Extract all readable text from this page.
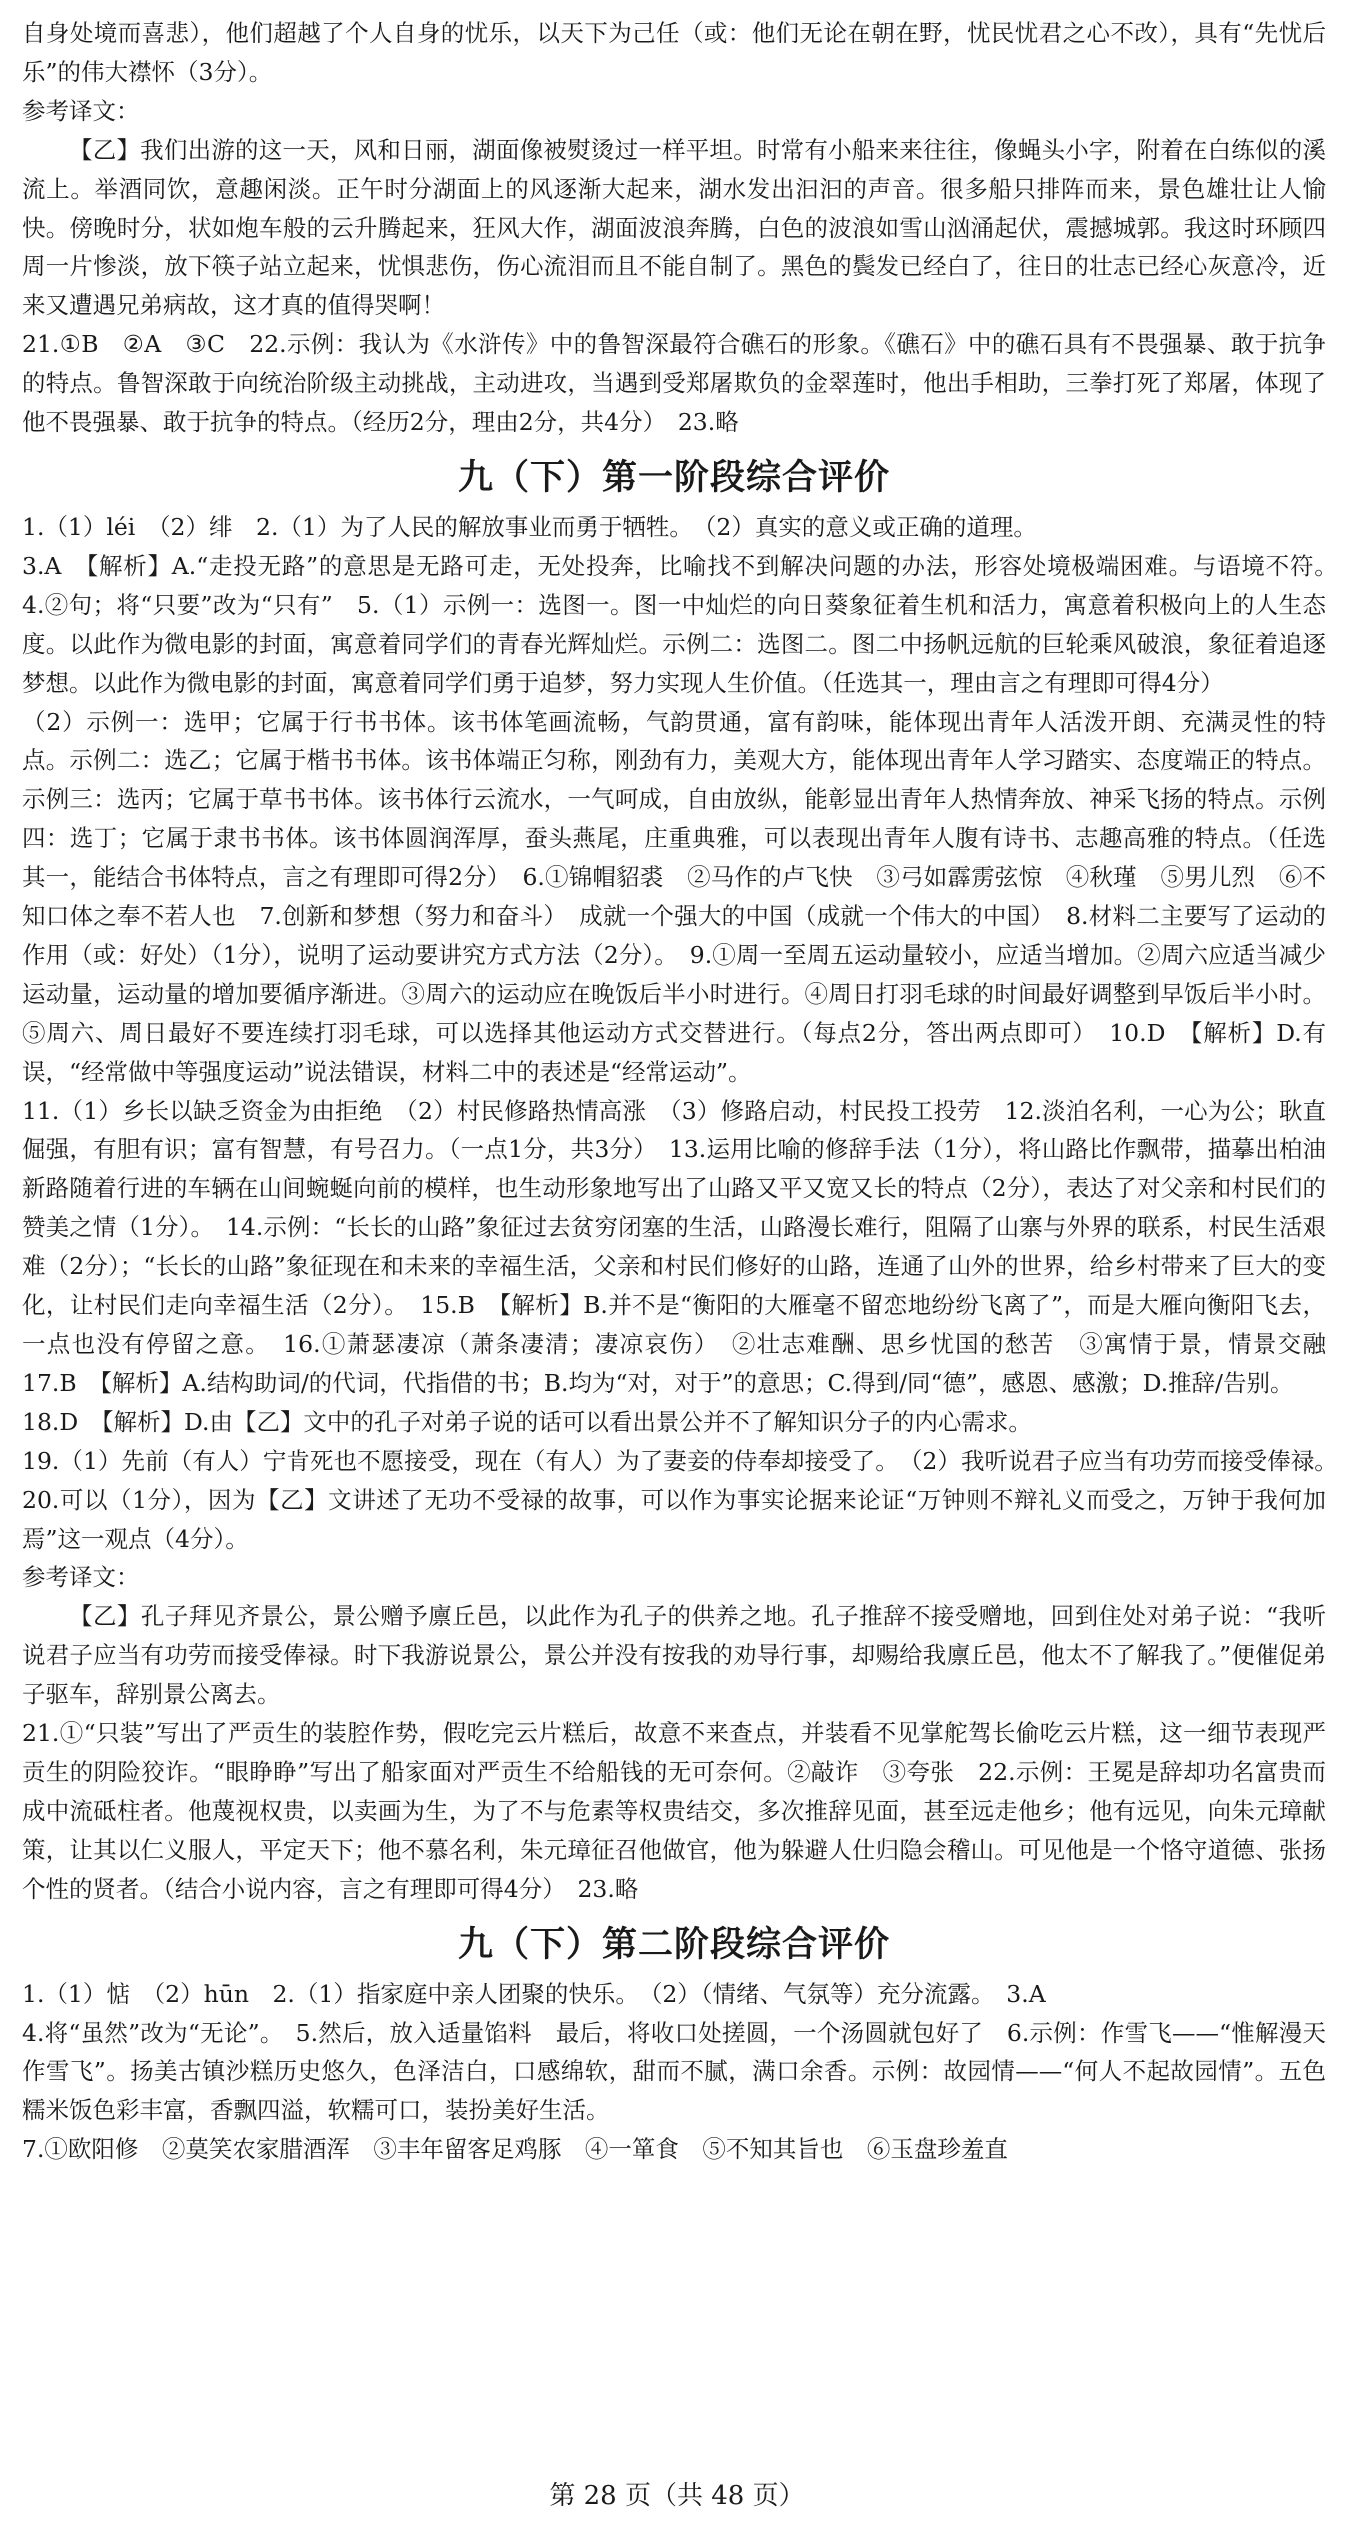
自身处境而喜悲），他们超越了个人自身的忧乐，以天下为己任（或：他们无论在朝在野，忧民忧君之心不改），具有“先忧后乐”的伟大襟怀（3分）。
参考译文：
【乙】我们出游的这一天，风和日丽，湖面像被熨烫过一样平坦。时常有小船来来往往，像蝇头小字，附着在白练似的溪流上。举酒同饮，意趣闲淡。正午时分湖面上的风逐渐大起来，湖水发出汩汩的声音。很多船只排阵而来，景色雄壮让人愉快。傍晚时分，状如炮车般的云升腾起来，狂风大作，湖面波浪奔腾，白色的波浪如雪山汹涌起伏，震撼城郭。我这时环顾四周一片惨淡，放下筷子站立起来，忧惧悲伤，伤心流泪而且不能自制了。黑色的鬓发已经白了，往日的壮志已经心灰意冷，近来又遭遇兄弟病故，这才真的值得哭啊！
21.①B　②A　③C　22.示例：我认为《水浒传》中的鲁智深最符合礁石的形象。《礁石》中的礁石具有不畏强暴、敢于抗争的特点。鲁智深敢于向统治阶级主动挑战，主动进攻，当遇到受郑屠欺负的金翠莲时，他出手相助，三拳打死了郑屠，体现了他不畏强暴、敢于抗争的特点。（经历2分，理由2分，共4分）　23.略
九（下）第一阶段综合评价
1.（1）léi　（2）绯　2.（1）为了人民的解放事业而勇于牺牲。　（2）真实的意义或正确的道理。
3.A　【解析】A.“走投无路”的意思是无路可走，无处投奔，比喻找不到解决问题的办法，形容处境极端困难。与语境不符。　4.②句；将“只要”改为“只有”　5.（1）示例一：选图一。图一中灿烂的向日葵象征着生机和活力，寓意着积极向上的人生态度。以此作为微电影的封面，寓意着同学们的青春光辉灿烂。示例二：选图二。图二中扬帆远航的巨轮乘风破浪，象征着追逐梦想。以此作为微电影的封面，寓意着同学们勇于追梦，努力实现人生价值。（任选其一，理由言之有理即可得4分）
（2）示例一：选甲；它属于行书书体。该书体笔画流畅，气韵贯通，富有韵味，能体现出青年人活泼开朗、充满灵性的特点。示例二：选乙；它属于楷书书体。该书体端正匀称，刚劲有力，美观大方，能体现出青年人学习踏实、态度端正的特点。示例三：选丙；它属于草书书体。该书体行云流水，一气呵成，自由放纵，能彰显出青年人热情奔放、神采飞扬的特点。示例四：选丁；它属于隶书书体。该书体圆润浑厚，蚕头燕尾，庄重典雅，可以表现出青年人腹有诗书、志趣高雅的特点。（任选其一，能结合书体特点，言之有理即可得2分）　6.①锦帽貂裘　②马作的卢飞快　③弓如霹雳弦惊　④秋瑾　⑤男儿烈　⑥不知口体之奉不若人也　7.创新和梦想（努力和奋斗）　成就一个强大的中国（成就一个伟大的中国）　8.材料二主要写了运动的作用（或：好处）（1分），说明了运动要讲究方式方法（2分）。　9.①周一至周五运动量较小，应适当增加。②周六应适当减少运动量，运动量的增加要循序渐进。③周六的运动应在晚饭后半小时进行。④周日打羽毛球的时间最好调整到早饭后半小时。⑤周六、周日最好不要连续打羽毛球，可以选择其他运动方式交替进行。（每点2分，答出两点即可）　10.D　【解析】D.有误，“经常做中等强度运动”说法错误，材料二中的表述是“经常运动”。
11.（1）乡长以缺乏资金为由拒绝　（2）村民修路热情高涨　（3）修路启动，村民投工投劳　12.淡泊名利，一心为公；耿直倔强，有胆有识；富有智慧，有号召力。（一点1分，共3分）　13.运用比喻的修辞手法（1分），将山路比作飘带，描摹出柏油新路随着行进的车辆在山间蜿蜒向前的模样，也生动形象地写出了山路又平又宽又长的特点（2分），表达了对父亲和村民们的赞美之情（1分）。　14.示例：“长长的山路”象征过去贫穷闭塞的生活，山路漫长难行，阻隔了山寨与外界的联系，村民生活艰难（2分）；“长长的山路”象征现在和未来的幸福生活，父亲和村民们修好的山路，连通了山外的世界，给乡村带来了巨大的变化，让村民们走向幸福生活（2分）。　15.B　【解析】B.并不是“衡阳的大雁毫不留恋地纷纷飞离了”，而是大雁向衡阳飞去，一点也没有停留之意。　16.①萧瑟凄凉（萧条凄清；凄凉哀伤）　②壮志难酬、思乡忧国的愁苦　③寓情于景，情景交融　17.B　【解析】A.结构助词/的代词，代指借的书；B.均为“对，对于”的意思；C.得到/同“德”，感恩、感激；D.推辞/告别。
18.D　【解析】D.由【乙】文中的孔子对弟子说的话可以看出景公并不了解知识分子的内心需求。
19.（1）先前（有人）宁肯死也不愿接受，现在（有人）为了妻妾的侍奉却接受了。　（2）我听说君子应当有功劳而接受俸禄。　20.可以（1分），因为【乙】文讲述了无功不受禄的故事，可以作为事实论据来论证“万钟则不辩礼义而受之，万钟于我何加焉”这一观点（4分）。
参考译文：
【乙】孔子拜见齐景公，景公赠予廪丘邑，以此作为孔子的供养之地。孔子推辞不接受赠地，回到住处对弟子说：“我听说君子应当有功劳而接受俸禄。时下我游说景公，景公并没有按我的劝导行事，却赐给我廪丘邑，他太不了解我了。”便催促弟子驱车，辞别景公离去。
21.①“只装”写出了严贡生的装腔作势，假吃完云片糕后，故意不来查点，并装看不见掌舵驾长偷吃云片糕，这一细节表现严贡生的阴险狡诈。“眼睁睁”写出了船家面对严贡生不给船钱的无可奈何。②敲诈　③夸张　22.示例：王冕是辞却功名富贵而成中流砥柱者。他蔑视权贵，以卖画为生，为了不与危素等权贵结交，多次推辞见面，甚至远走他乡；他有远见，向朱元璋献策，让其以仁义服人，平定天下；他不慕名利，朱元璋征召他做官，他为躲避人仕归隐会稽山。可见他是一个恪守道德、张扬个性的贤者。（结合小说内容，言之有理即可得4分）　23.略
九（下）第二阶段综合评价
1.（1）惦　（2）hūn　2.（1）指家庭中亲人团聚的快乐。　（2）（情绪、气氛等）充分流露。　3.A
4.将“虽然”改为“无论”。　5.然后，放入适量馅料　最后，将收口处搓圆，一个汤圆就包好了　6.示例：作雪飞——“惟解漫天作雪飞”。扬美古镇沙糕历史悠久，色泽洁白，口感绵软，甜而不腻，满口余香。示例：故园情——“何人不起故园情”。五色糯米饭色彩丰富，香飘四溢，软糯可口，装扮美好生活。
7.①欧阳修　②莫笑农家腊酒浑　③丰年留客足鸡豚　④一箪食　⑤不知其旨也　⑥玉盘珍羞直
第 28 页（共 48 页）
